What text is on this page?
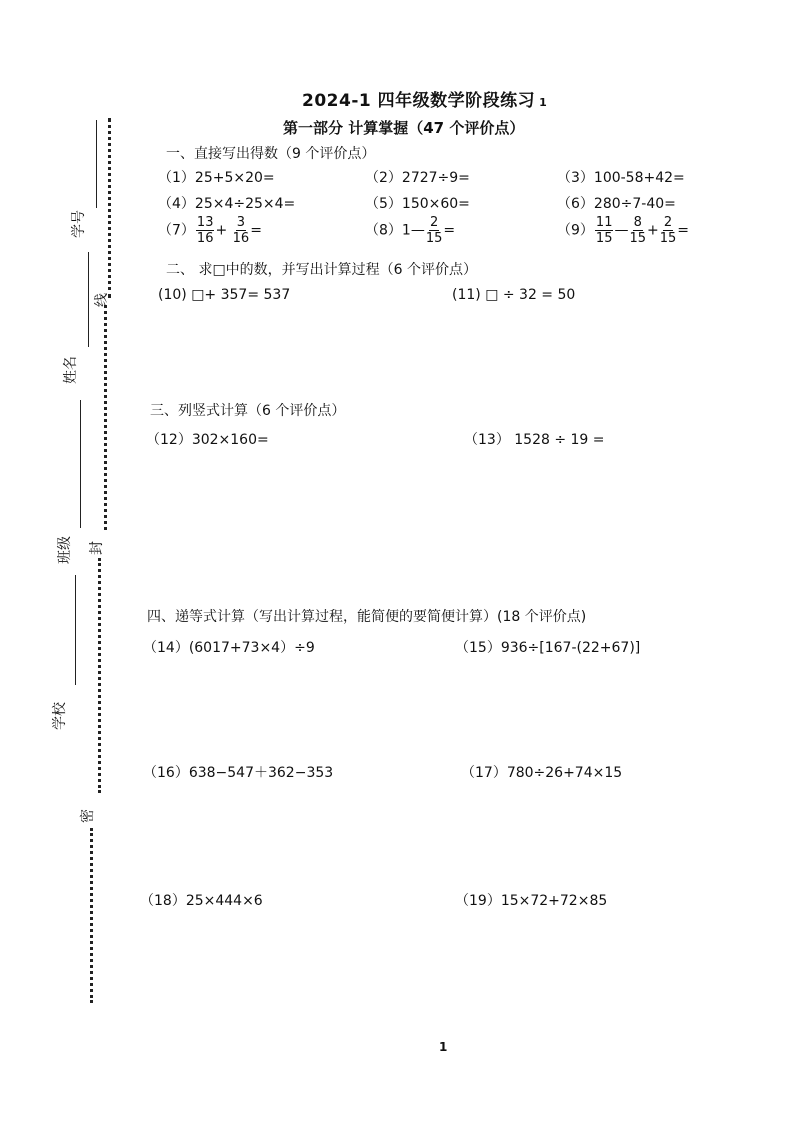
线
封
密
学号
姓名
班级
学校
2024-1 四年级数学阶段练习 1
第一部分 计算掌握（47 个评价点）
一、直接写出得数（9 个评价点）
（1）25+5×20=	（2）2727÷9=	（3）100-58+42=
（4）25×4÷25×4=	（5）150×60=	（6）280÷7-40=
$(7) \frac{13}{16} + \frac{3}{16}$ =	（8）1— $\frac{2}{15}$ =	$(9) \frac{11}{15}$ — $\frac{8}{15} + \frac{2}{15}$ =
二、 求□中的数，并写出计算过程（6 个评价点）
(10) □+ 357= 537	(11) □ ÷ 32 = 50
三、列竖式计算（6 个评价点）
（12）302×160=	（13） 1528 ÷ 19 =
四、递等式计算（写出计算过程，能简便的要简便计算）(18 个评价点)
（14）(6017+73×4）÷9	（15）936÷[167-(22+67)]
（16）638−547＋362−353	（17）780÷26+74×15
（18）25×444×6	（19）15×72+72×85
1
